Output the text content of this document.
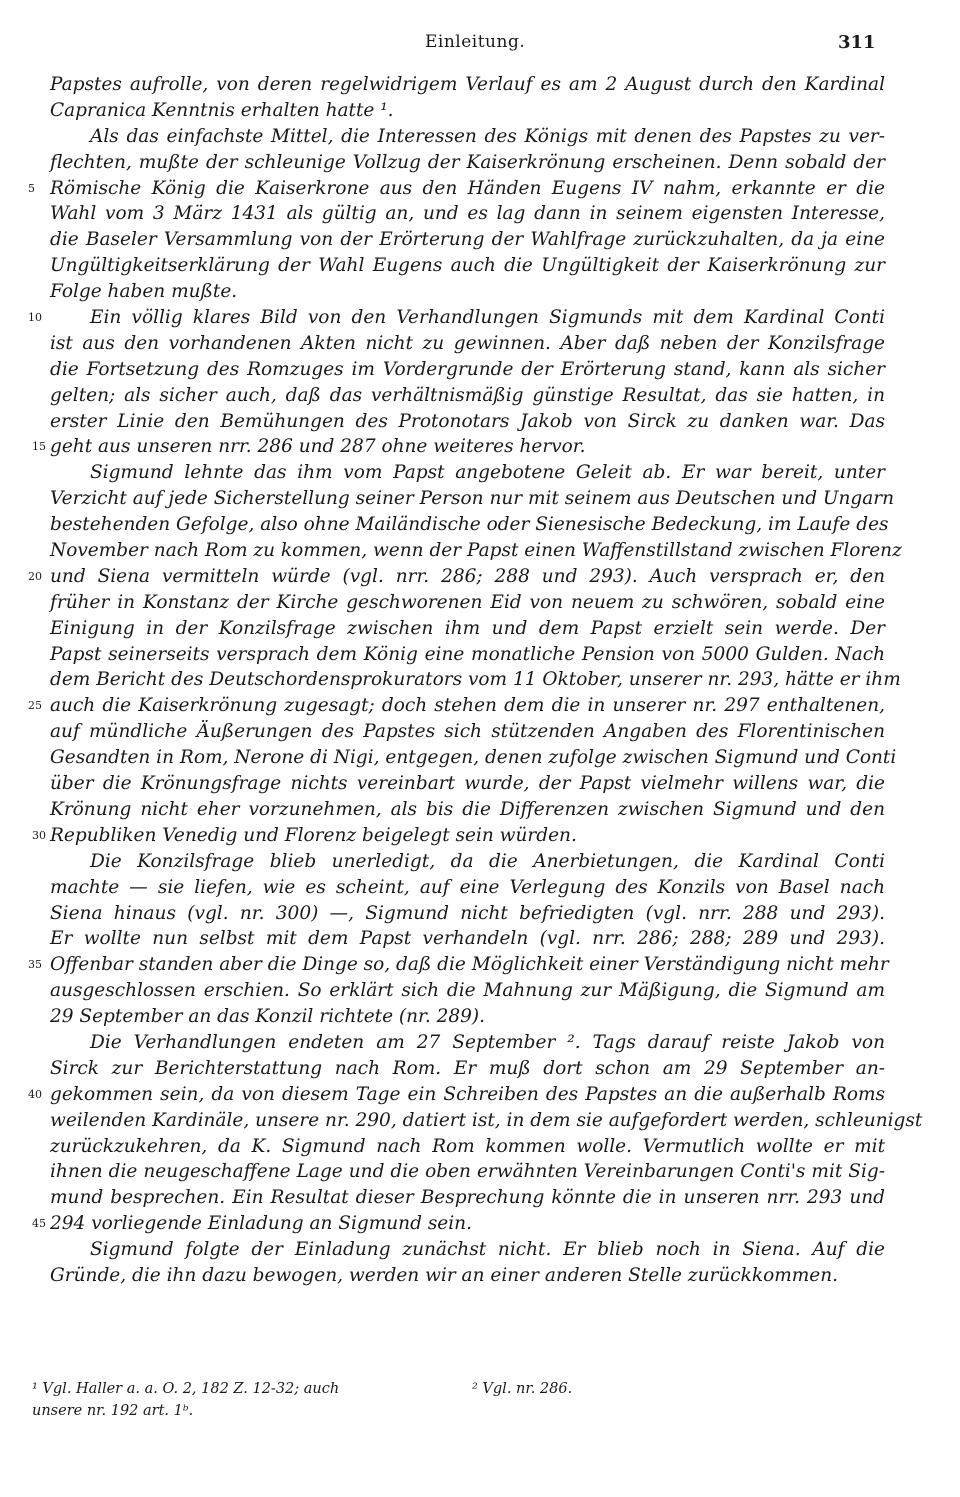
Einleitung.	311
Papstes aufrolle, von deren regelwidrigem Verlauf es am 2 August durch den Kardinal
Capranica Kenntnis erhalten hatte ¹.
Als das einfachste Mittel, die Interessen des Königs mit denen des Papstes zu ver-
flechten, mußte der schleunige Vollzug der Kaiserkrönung erscheinen. Denn sobald der
Römische König die Kaiserkrone aus den Händen Eugens IV nahm, erkannte er die
5
Wahl vom 3 März 1431 als gültig an, und es lag dann in seinem eigensten Interesse,
die Baseler Versammlung von der Erörterung der Wahlfrage zurückzuhalten, da ja eine
Ungültigkeitserklärung der Wahl Eugens auch die Ungültigkeit der Kaiserkrönung zur
Folge haben mußte.
Ein völlig klares Bild von den Verhandlungen Sigmunds mit dem Kardinal Conti
10
ist aus den vorhandenen Akten nicht zu gewinnen. Aber daß neben der Konzilsfrage
die Fortsetzung des Romzuges im Vordergrunde der Erörterung stand, kann als sicher
gelten; als sicher auch, daß das verhältnismäßig günstige Resultat, das sie hatten, in
erster Linie den Bemühungen des Protonotars Jakob von Sirck zu danken war. Das
geht aus unseren nrr. 286 und 287 ohne weiteres hervor.
15
Sigmund lehnte das ihm vom Papst angebotene Geleit ab. Er war bereit, unter
Verzicht auf jede Sicherstellung seiner Person nur mit seinem aus Deutschen und Ungarn
bestehenden Gefolge, also ohne Mailändische oder Sienesische Bedeckung, im Laufe des
November nach Rom zu kommen, wenn der Papst einen Waffenstillstand zwischen Florenz
und Siena vermitteln würde (vgl. nrr. 286; 288 und 293). Auch versprach er, den
20
früher in Konstanz der Kirche geschworenen Eid von neuem zu schwören, sobald eine
Einigung in der Konzilsfrage zwischen ihm und dem Papst erzielt sein werde. Der
Papst seinerseits versprach dem König eine monatliche Pension von 5000 Gulden. Nach
dem Bericht des Deutschordensprokurators vom 11 Oktober, unserer nr. 293, hätte er ihm
auch die Kaiserkrönung zugesagt; doch stehen dem die in unserer nr. 297 enthaltenen,
25
auf mündliche Äußerungen des Papstes sich stützenden Angaben des Florentinischen
Gesandten in Rom, Nerone di Nigi, entgegen, denen zufolge zwischen Sigmund und Conti
über die Krönungsfrage nichts vereinbart wurde, der Papst vielmehr willens war, die
Krönung nicht eher vorzunehmen, als bis die Differenzen zwischen Sigmund und den
Republiken Venedig und Florenz beigelegt sein würden.
30
Die Konzilsfrage blieb unerledigt, da die Anerbietungen, die Kardinal Conti
machte — sie liefen, wie es scheint, auf eine Verlegung des Konzils von Basel nach
Siena hinaus (vgl. nr. 300) —, Sigmund nicht befriedigten (vgl. nrr. 288 und 293).
Er wollte nun selbst mit dem Papst verhandeln (vgl. nrr. 286; 288; 289 und 293).
Offenbar standen aber die Dinge so, daß die Möglichkeit einer Verständigung nicht mehr
35
ausgeschlossen erschien. So erklärt sich die Mahnung zur Mäßigung, die Sigmund am
29 September an das Konzil richtete (nr. 289).
Die Verhandlungen endeten am 27 September ². Tags darauf reiste Jakob von
Sirck zur Berichterstattung nach Rom. Er muß dort schon am 29 September an-
gekommen sein, da von diesem Tage ein Schreiben des Papstes an die außerhalb Roms
40
weilenden Kardinäle, unsere nr. 290, datiert ist, in dem sie aufgefordert werden, schleunigst
zurückzukehren, da K. Sigmund nach Rom kommen wolle. Vermutlich wollte er mit
ihnen die neugeschaffene Lage und die oben erwähnten Vereinbarungen Conti's mit Sig-
mund besprechen. Ein Resultat dieser Besprechung könnte die in unseren nrr. 293 und
294 vorliegende Einladung an Sigmund sein.
45
Sigmund folgte der Einladung zunächst nicht. Er blieb noch in Siena. Auf die
Gründe, die ihn dazu bewogen, werden wir an einer anderen Stelle zurückkommen.
¹ Vgl. Haller a. a. O. 2, 182 Z. 12-32; auch	² Vgl. nr. 286.
unsere nr. 192 art. 1ᵇ.
